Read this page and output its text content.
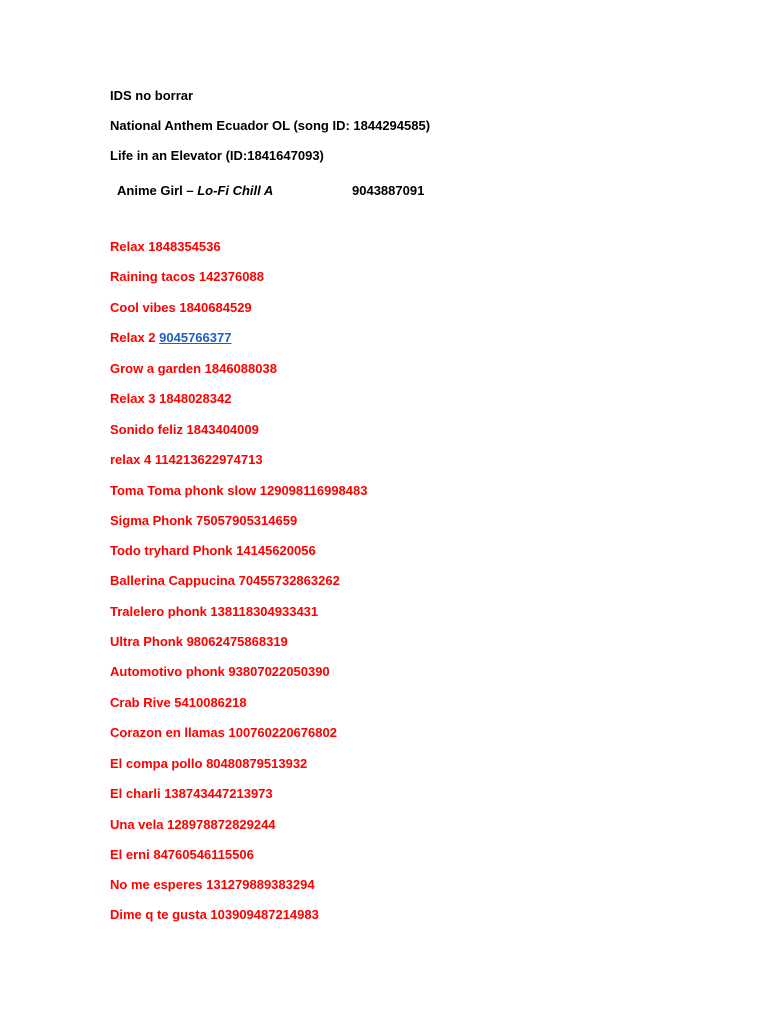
IDS no borrar
National Anthem Ecuador OL (song ID: 1844294585)
Life in an Elevator (ID:1841647093)
Anime Girl – Lo-Fi Chill A	9043887091
Relax 1848354536
Raining tacos 142376088
Cool vibes 1840684529
Relax 2 9045766377
Grow a garden 1846088038
Relax 3 1848028342
Sonido feliz 1843404009
relax 4 114213622974713
Toma Toma phonk slow 129098116998483
Sigma Phonk 75057905314659
Todo tryhard Phonk 14145620056
Ballerina Cappucina 70455732863262
Tralelero phonk 138118304933431
Ultra Phonk 98062475868319
Automotivo phonk 93807022050390
Crab Rive 5410086218
Corazon en llamas 100760220676802
El compa pollo 80480879513932
El charli 138743447213973
Una vela 128978872829244
El erni 84760546115506
No me esperes 131279889383294
Dime q te gusta 103909487214983
